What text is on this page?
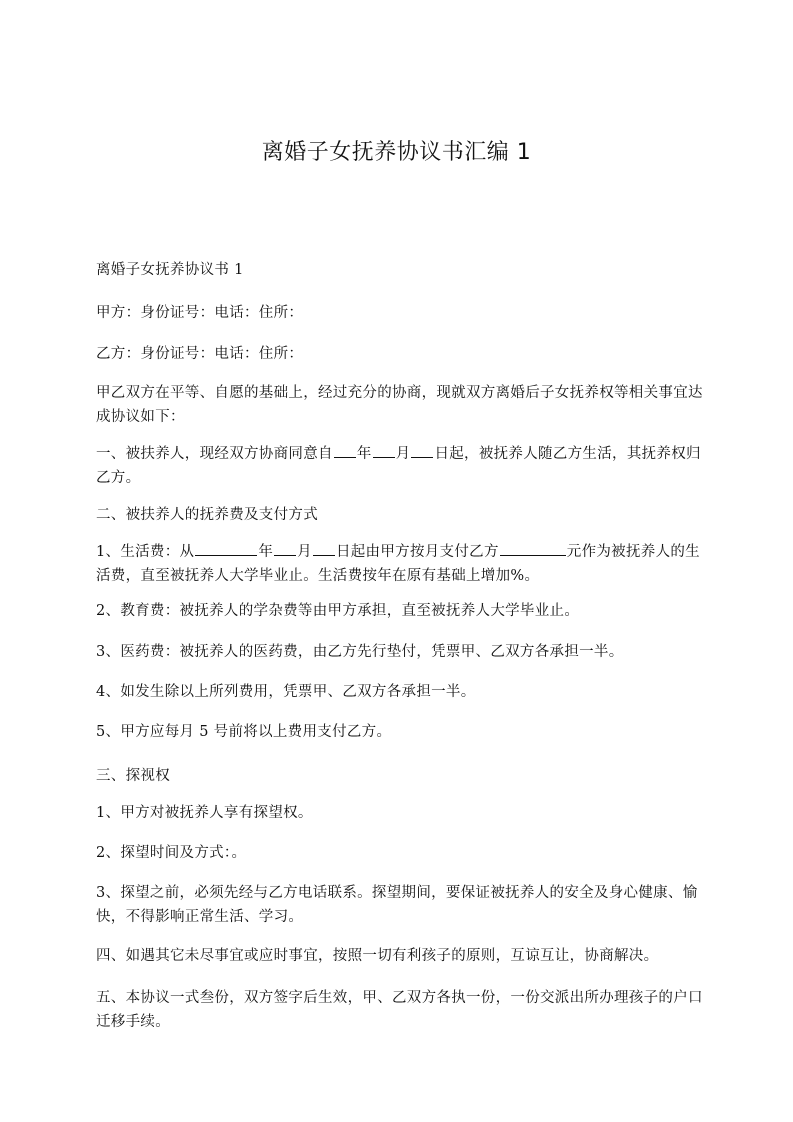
离婚子女抚养协议书汇编 1
离婚子女抚养协议书 1
甲方：身份证号：电话：住所：
乙方：身份证号：电话：住所：
甲乙双方在平等、自愿的基础上，经过充分的协商，现就双方离婚后子女抚养权等相关事宜达成协议如下：
一、被扶养人，现经双方协商同意自 年 月 日起，被抚养人随乙方生活，其抚养权归乙方。
二、被扶养人的抚养费及支付方式
1、生活费：从	年 月 日起由甲方按月支付乙方	元作为被抚养人的生活费，直至被抚养人大学毕业止。生活费按年在原有基础上增加%。
2、教育费：被抚养人的学杂费等由甲方承担，直至被抚养人大学毕业止。
3、医药费：被抚养人的医药费，由乙方先行垫付，凭票甲、乙双方各承担一半。
4、如发生除以上所列费用，凭票甲、乙双方各承担一半。
5、甲方应每月 5 号前将以上费用支付乙方。
三、探视权
1、甲方对被抚养人享有探望权。
2、探望时间及方式：。
3、探望之前，必须先经与乙方电话联系。探望期间，要保证被抚养人的安全及身心健康、愉快，不得影响正常生活、学习。
四、如遇其它未尽事宜或应时事宜，按照一切有利孩子的原则，互谅互让，协商解决。
五、本协议一式叁份，双方签字后生效，甲、乙双方各执一份，一份交派出所办理孩子的户口迁移手续。
